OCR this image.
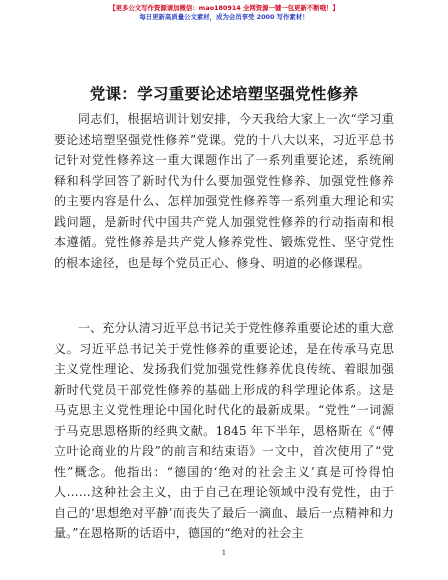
【更多公文写作资源请加微信：mao180914 全网资源一键一包更新不断哦！】
每日更新高质量公文素材，成为会员享受 2000 写作素材！
党课：学习重要论述培塑坚强党性修养
同志们，根据培训计划安排，今天我给大家上一次“学习重要论述培塑坚强党性修养”党课。党的十八大以来，习近平总书记针对党性修养这一重大课题作出了一系列重要论述，系统阐释和科学回答了新时代为什么要加强党性修养、加强党性修养的主要内容是什么、怎样加强党性修养等一系列重大理论和实践问题，是新时代中国共产党人加强党性修养的行动指南和根本遵循。党性修养是共产党人修养党性、锻炼党性、坚守党性的根本途径，也是每个党员正心、修身、明道的必修课程。
一、充分认清习近平总书记关于党性修养重要论述的重大意义。习近平总书记关于党性修养的重要论述，是在传承马克思主义党性理论、发扬我们党加强党性修养优良传统、着眼加强新时代党员干部党性修养的基础上形成的科学理论体系。这是马克思主义党性理论中国化时代化的最新成果。“党性”一词源于马克思恩格斯的经典文献。1845 年下半年，恩格斯在《“傅立叶论商业的片段”的前言和结束语》一文中，首次使用了“党性”概念。他指出：“德国的‘绝对的社会主义’真是可怜得怕人……这种社会主义，由于自己在理论领域中没有党性，由于自己的‘思想绝对平静’而丧失了最后一滴血、最后一点精神和力量。”在恩格斯的话语中，德国的“绝对的社会主
1
